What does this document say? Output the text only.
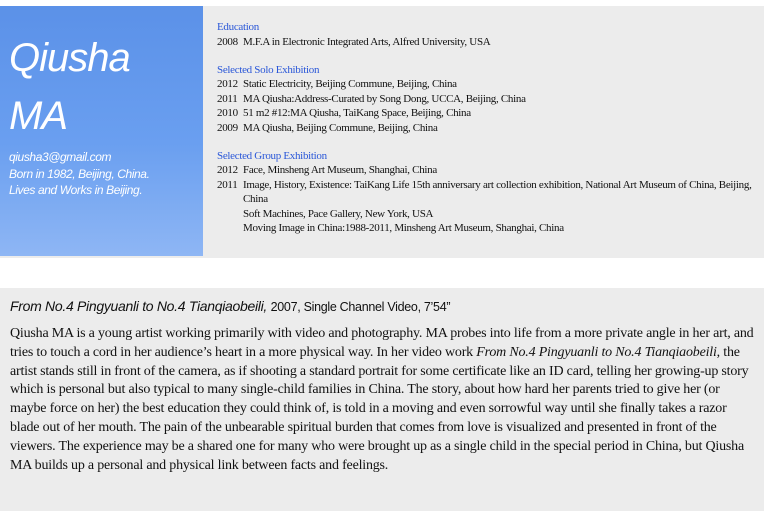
Qiusha
MA
qiusha3@gmail.com
Born in 1982, Beijing, China.
Lives and Works in Beijing.
Education
2008 M.F.A in Electronic Integrated Arts, Alfred University, USA
Selected Solo Exhibition
2012 Static Electricity, Beijing Commune, Beijing, China
2011 MA Qiusha:Address-Curated by Song Dong, UCCA, Beijing, China
2010 51 m2 #12:MA Qiusha, TaiKang Space, Beijing, China
2009 MA Qiusha, Beijing Commune, Beijing, China
Selected Group Exhibition
2012 Face, Minsheng Art Museum, Shanghai, China
2011 Image, History, Existence: TaiKang Life 15th anniversary art collection exhibition, National Art Museum of China, Beijing, China
Soft Machines, Pace Gallery, New York, USA
Moving Image in China:1988-2011, Minsheng Art Museum, Shanghai, China
From No.4 Pingyuanli to No.4 Tianqiaobeili, 2007, Single Channel Video, 7’54”
Qiusha MA is a young artist working primarily with video and photography. MA probes into life from a more private angle in her art, and tries to touch a cord in her audience’s heart in a more physical way. In her video work From No.4 Pingyuanli to No.4 Tianqiaobeili, the artist stands still in front of the camera, as if shooting a standard portrait for some certificate like an ID card, telling her growing-up story which is personal but also typical to many single-child families in China. The story, about how hard her parents tried to give her (or maybe force on her) the best education they could think of, is told in a moving and even sorrowful way until she finally takes a razor blade out of her mouth. The pain of the unbearable spiritual burden that comes from love is visualized and presented in front of the viewers. The experience may be a shared one for many who were brought up as a single child in the special period in China, but Qiusha MA builds up a personal and physical link between facts and feelings.
